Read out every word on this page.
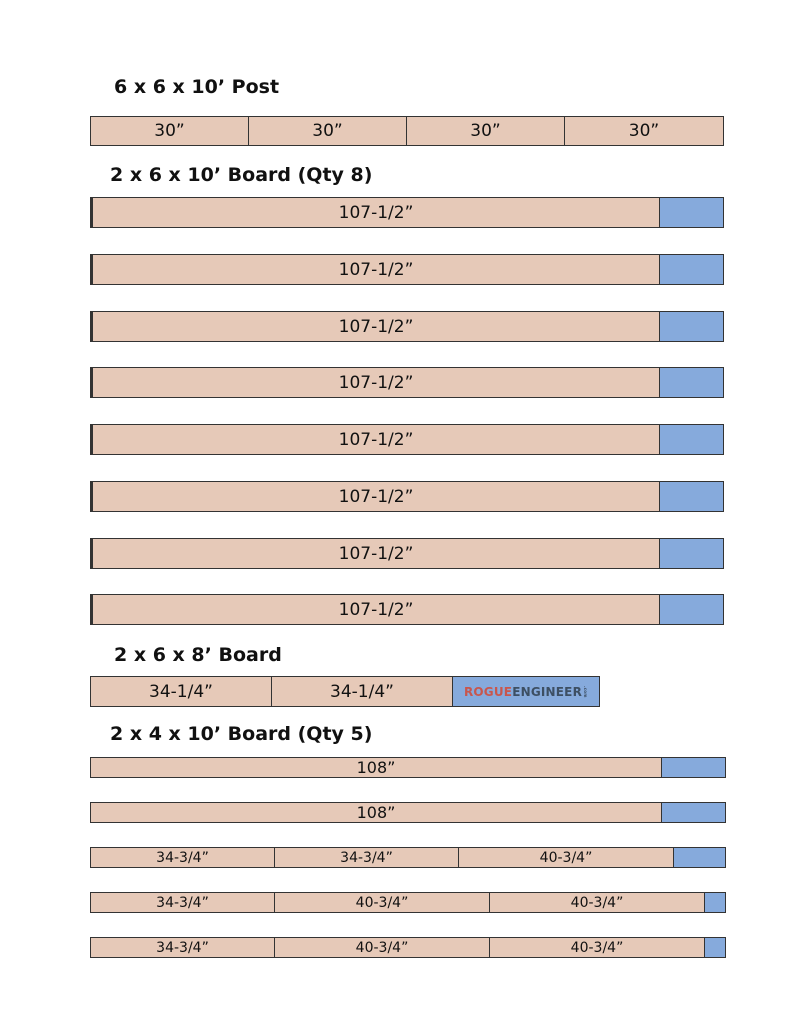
6 x 6 x 10’ Post
30”	30”	30”	30”
2 x 6 x 10’ Board (Qty 8)
107-1/2”
107-1/2”
107-1/2”
107-1/2”
107-1/2”
107-1/2”
107-1/2”
107-1/2”
2 x 6 x 8’ Board
34-1/4”	34-1/4”	ROGUE ENGINEER .com
2 x 4 x 10’ Board (Qty 5)
108”
108”
34-3/4”	34-3/4”	40-3/4”
34-3/4”	40-3/4”	40-3/4”
34-3/4”	40-3/4”	40-3/4”
